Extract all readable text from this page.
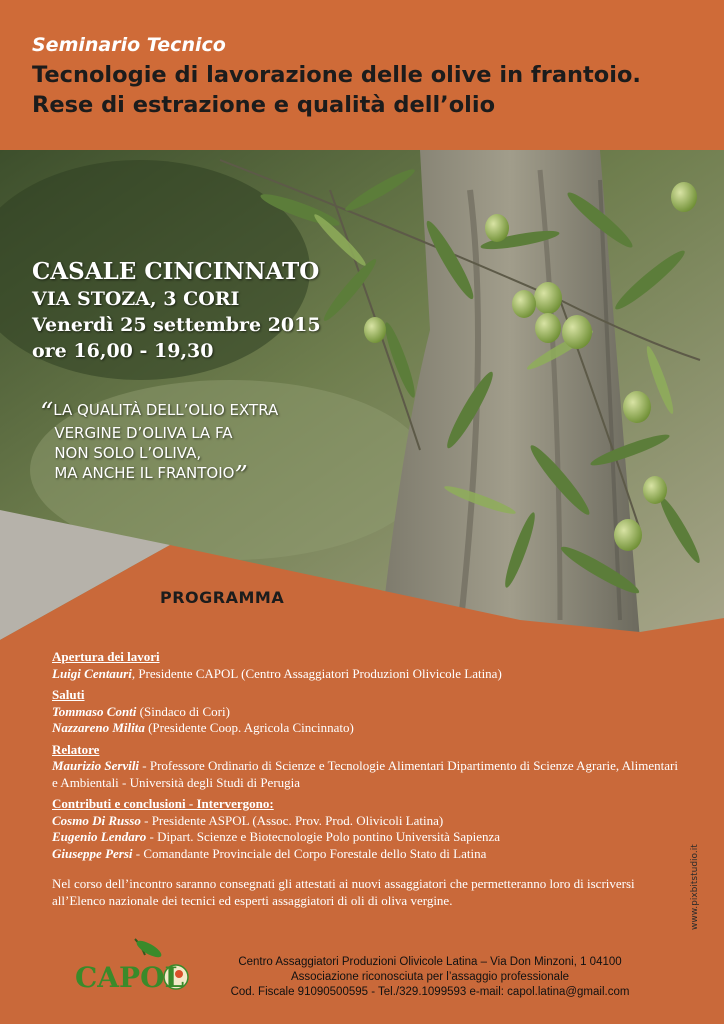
Seminario Tecnico
Tecnologie di lavorazione delle olive in frantoio.
Rese di estrazione e qualità dell’olio
CASALE CINCINNATO
VIA STOZA, 3 CORI
Venerdì 25 settembre 2015
ore 16,00 - 19,30
“LA QUALITÀ DELL’OLIO EXTRA
VERGINE D’OLIVA LA FA
NON SOLO L’OLIVA,
MA ANCHE IL FRANTOIO”
PROGRAMMA
Apertura dei lavori
Luigi Centauri, Presidente CAPOL (Centro Assaggiatori Produzioni Olivicole Latina)
Saluti
Tommaso Conti (Sindaco di Cori)
Nazzareno Milita (Presidente Coop. Agricola Cincinnato)
Relatore
Maurizio Servili - Professore Ordinario di Scienze e Tecnologie Alimentari Dipartimento di Scienze Agrarie, Alimentari e Ambientali - Università degli Studi di Perugia
Contributi e conclusioni - Intervergono:
Cosmo Di Russo - Presidente ASPOL (Assoc. Prov. Prod. Olivicoli Latina)
Eugenio Lendaro - Dipart. Scienze e Biotecnologie Polo pontino Università Sapienza
Giuseppe Persi - Comandante Provinciale del Corpo Forestale dello Stato di Latina
Nel corso dell’incontro saranno consegnati gli attestati ai nuovi assaggiatori che permetteranno loro di iscriversi all’Elenco nazionale dei tecnici ed esperti assaggiatori di oli di oliva vergine.	www.pixbitstudio.it
CAPOL	Centro Assaggiatori Produzioni Olivicole Latina – Via Don Minzoni, 1 04100
Associazione riconosciuta per l’assaggio professionale
Cod. Fiscale 91090500595 - Tel./329.1099593 e-mail: capol.latina@gmail.com
